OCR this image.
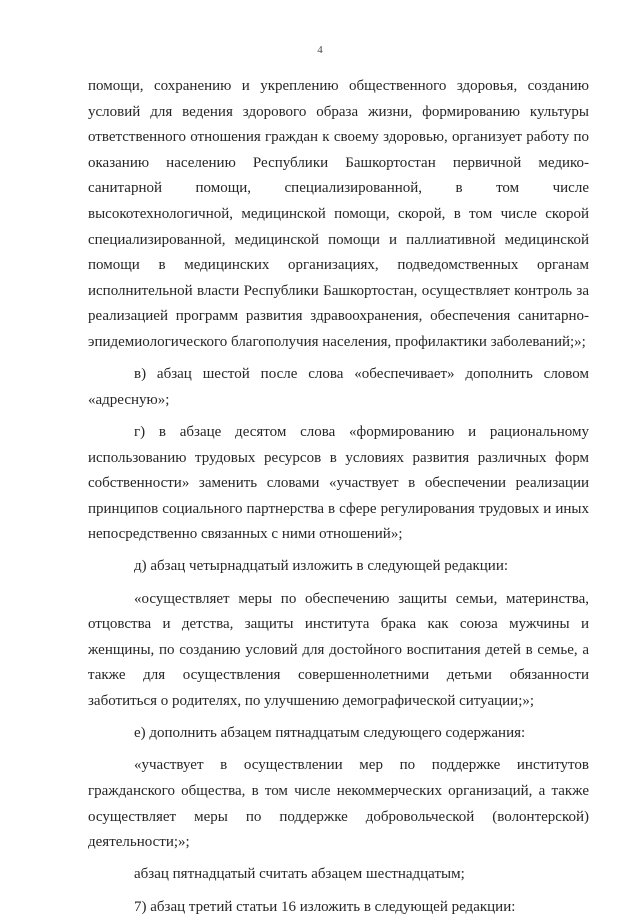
4

помощи, сохранению и укреплению общественного здоровья, созданию условий для ведения здорового образа жизни, формированию культуры ответственного отношения граждан к своему здоровью, организует работу по оказанию населению Республики Башкортостан первичной медико-санитарной помощи, специализированной, в том числе высокотехнологичной, медицинской помощи, скорой, в том числе скорой специализированной, медицинской помощи и паллиативной медицинской помощи в медицинских организациях, подведомственных органам исполнительной власти Республики Башкортостан, осуществляет контроль за реализацией программ развития здравоохранения, обеспечения санитарно-эпидемиологического благополучия населения, профилактики заболеваний;»;

в) абзац шестой после слова «обеспечивает» дополнить словом «адресную»;

г) в абзаце десятом слова «формированию и рациональному использованию трудовых ресурсов в условиях развития различных форм собственности» заменить словами «участвует в обеспечении реализации принципов социального партнерства в сфере регулирования трудовых и иных непосредственно связанных с ними отношений»;

д) абзац четырнадцатый изложить в следующей редакции:

«осуществляет меры по обеспечению защиты семьи, материнства, отцовства и детства, защиты института брака как союза мужчины и женщины, по созданию условий для достойного воспитания детей в семье, а также для осуществления совершеннолетними детьми обязанности заботиться о родителях, по улучшению демографической ситуации;»;

е) дополнить абзацем пятнадцатым следующего содержания:

«участвует в осуществлении мер по поддержке институтов гражданского общества, в том числе некоммерческих организаций, а также осуществляет меры по поддержке добровольческой (волонтерской) деятельности;»;

абзац пятнадцатый считать абзацем шестнадцатым;

7) абзац третий статьи 16 изложить в следующей редакции:
